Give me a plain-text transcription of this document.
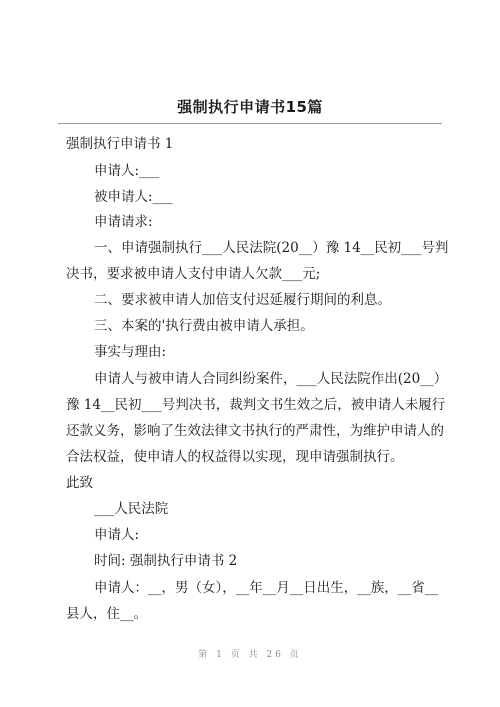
强制执行申请书15篇
强制执行申请书 1
申请人:___
被申请人:___
申请请求:
一、申请强制执行___人民法院(20__）豫 14__民初___号判
决书，要求被申请人支付申请人欠款___元;
二、要求被申请人加倍支付迟延履行期间的利息。
三、本案的'执行费由被申请人承担。
事实与理由:
申请人与被申请人合同纠纷案件，___人民法院作出(20__）
豫 14__民初___号判决书，裁判文书生效之后，被申请人未履行
还款义务，影响了生效法律文书执行的严肃性，为维护申请人的
合法权益，使申请人的权益得以实现，现申请强制执行。
此致
___人民法院
申请人:
时间: 强制执行申请书 2
申请人：__，男（女），__年__月__日出生，__族，__省__
县人，住__。
第 1 页 共 26 页
